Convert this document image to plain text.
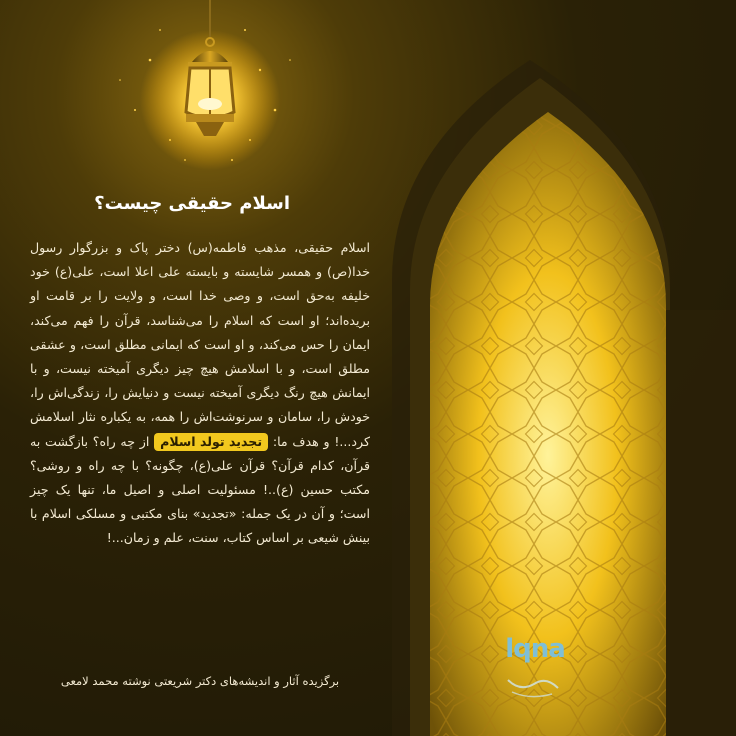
اسلام حقیقی چیست؟

اسلام حقیقی، مذهب فاطمه(س) دختر پاک و بزرگوار رسول خدا(ص) و همسر شایسته و بایسته علی اعلا است، علی(ع) خود خلیفه به‌حق است، و وصی خدا است، و ولایت را بر قامت او بریده‌اند؛ او است که اسلام را می‌شناسد، قرآن را فهم می‌کند، ایمان را حس می‌کند، و او است که ایمانی مطلق است، و عشقی مطلق است، و با اسلامش هیچ چیز دیگری آمیخته نیست، و با ایمانش هیچ رنگ دیگری آمیخته نیست و دنیایش را، زندگی‌اش را، خودش را، سامان و سرنوشت‌اش را همه، به یکباره نثار اسلامش کرد...! و هدف ما: تجدید تولد اسلام از چه راه؟ بازگشت به قرآن، کدام قرآن؟ قرآن علی(ع)، چگونه؟ با چه راه و روشی؟ مکتب حسین (ع)..! مسئولیت اصلی و اصیل ما، تنها یک چیز است؛ و آن در یک جمله: «تجدید» بنای مکتبی و مسلکی اسلام با بینش شیعی بر اساس کتاب، سنت، علم و زمان...!

برگزیده آثار و اندیشه‌های دکتر شریعتی نوشته محمد لامعی
lqna
